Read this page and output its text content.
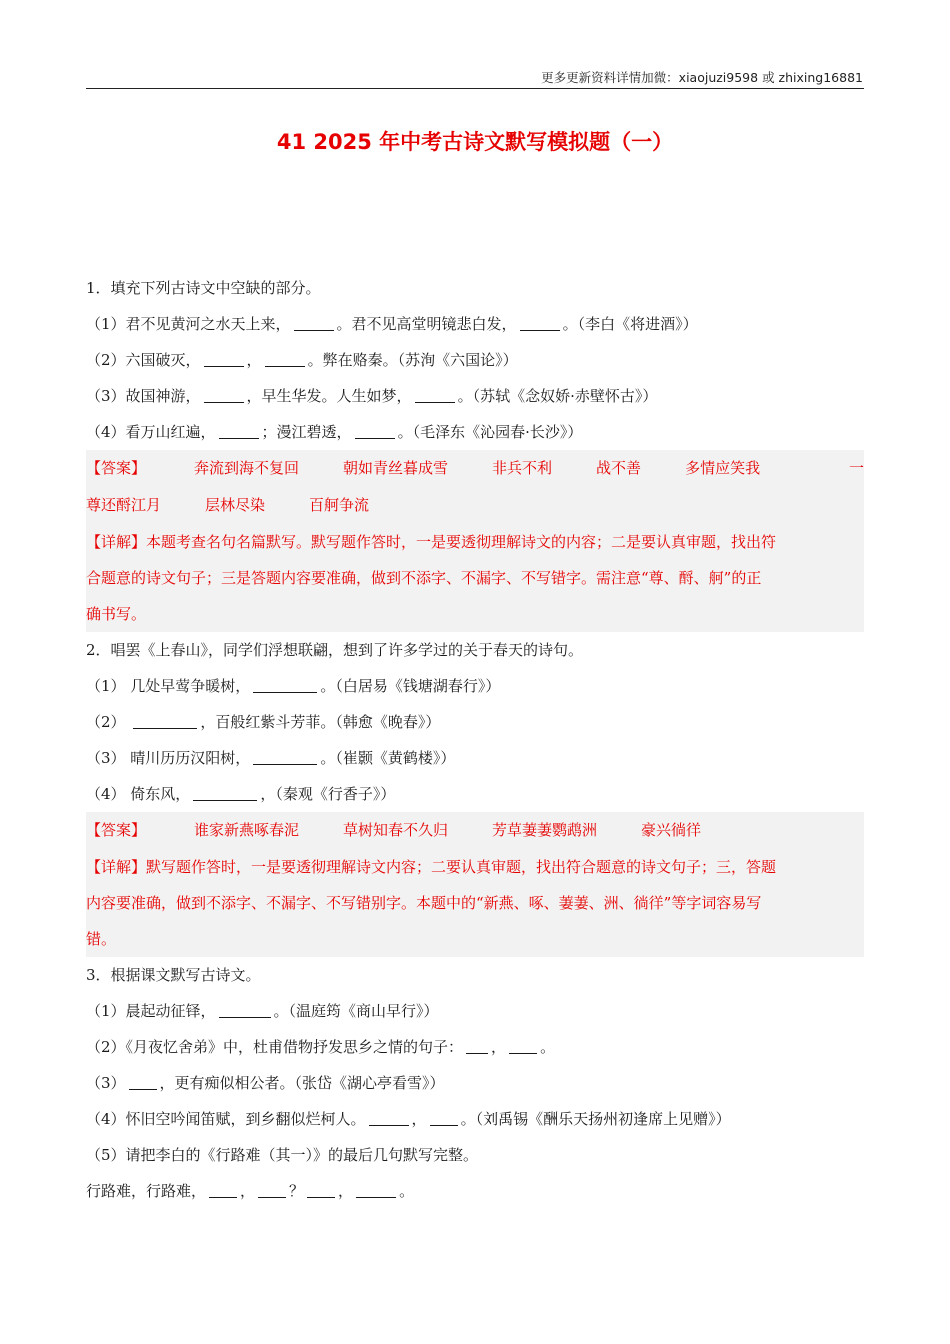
更多更新资料详情加微：xiaojuzi9598 或 zhixing16881
41 2025 年中考古诗文默写模拟题（一）
1．填充下列古诗文中空缺的部分。
（1）君不见黄河之水天上来，	。君不见高堂明镜悲白发，	。（李白《将进酒》）
（2）六国破灭，	，	。弊在赂秦。（苏洵《六国论》）
（3）故国神游，	，早生华发。人生如梦，	。（苏轼《念奴娇·赤壁怀古》）
（4）看万山红遍，	；漫江碧透，	。（毛泽东《沁园春·长沙》）
【答案】	奔流到海不复回	朝如青丝暮成雪	非兵不利	战不善	多情应笑我	一
尊还酹江月	层林尽染	百舸争流
【详解】本题考查名句名篇默写。默写题作答时，一是要透彻理解诗文的内容；二是要认真审题，找出符
合题意的诗文句子；三是答题内容要准确，做到不添字、不漏字、不写错字。需注意“尊、酹、舸”的正
确书写。
2．唱罢《上春山》，同学们浮想联翩，想到了许多学过的关于春天的诗句。
（1） 几处早莺争暖树，	。（白居易《钱塘湖春行》）
（2）	，百般红紫斗芳菲。（韩愈《晚春》）
（3） 晴川历历汉阳树，	。（崔颢《黄鹤楼》）
（4） 倚东风，	，（秦观《行香子》）
【答案】	谁家新燕啄春泥	草树知春不久归	芳草萋萋鹦鹉洲	豪兴徜徉
【详解】默写题作答时，一是要透彻理解诗文内容；二要认真审题，找出符合题意的诗文句子；三，答题
内容要准确，做到不添字、不漏字、不写错别字。本题中的“新燕、啄、萋萋、洲、徜徉”等字词容易写
错。
3．根据课文默写古诗文。
（1）晨起动征铎，	。（温庭筠《商山早行》）
（2）《月夜忆舍弟》中，杜甫借物抒发思乡之情的句子： ， 。
（3） ，更有痴似相公者。（张岱《湖心亭看雪》）
（4）怀旧空吟闻笛赋，到乡翻似烂柯人。	， 。（刘禹锡《酬乐天扬州初逢席上见赠》）
（5）请把李白的《行路难（其一）》的最后几句默写完整。
行路难，行路难， ， ？ ，	。
